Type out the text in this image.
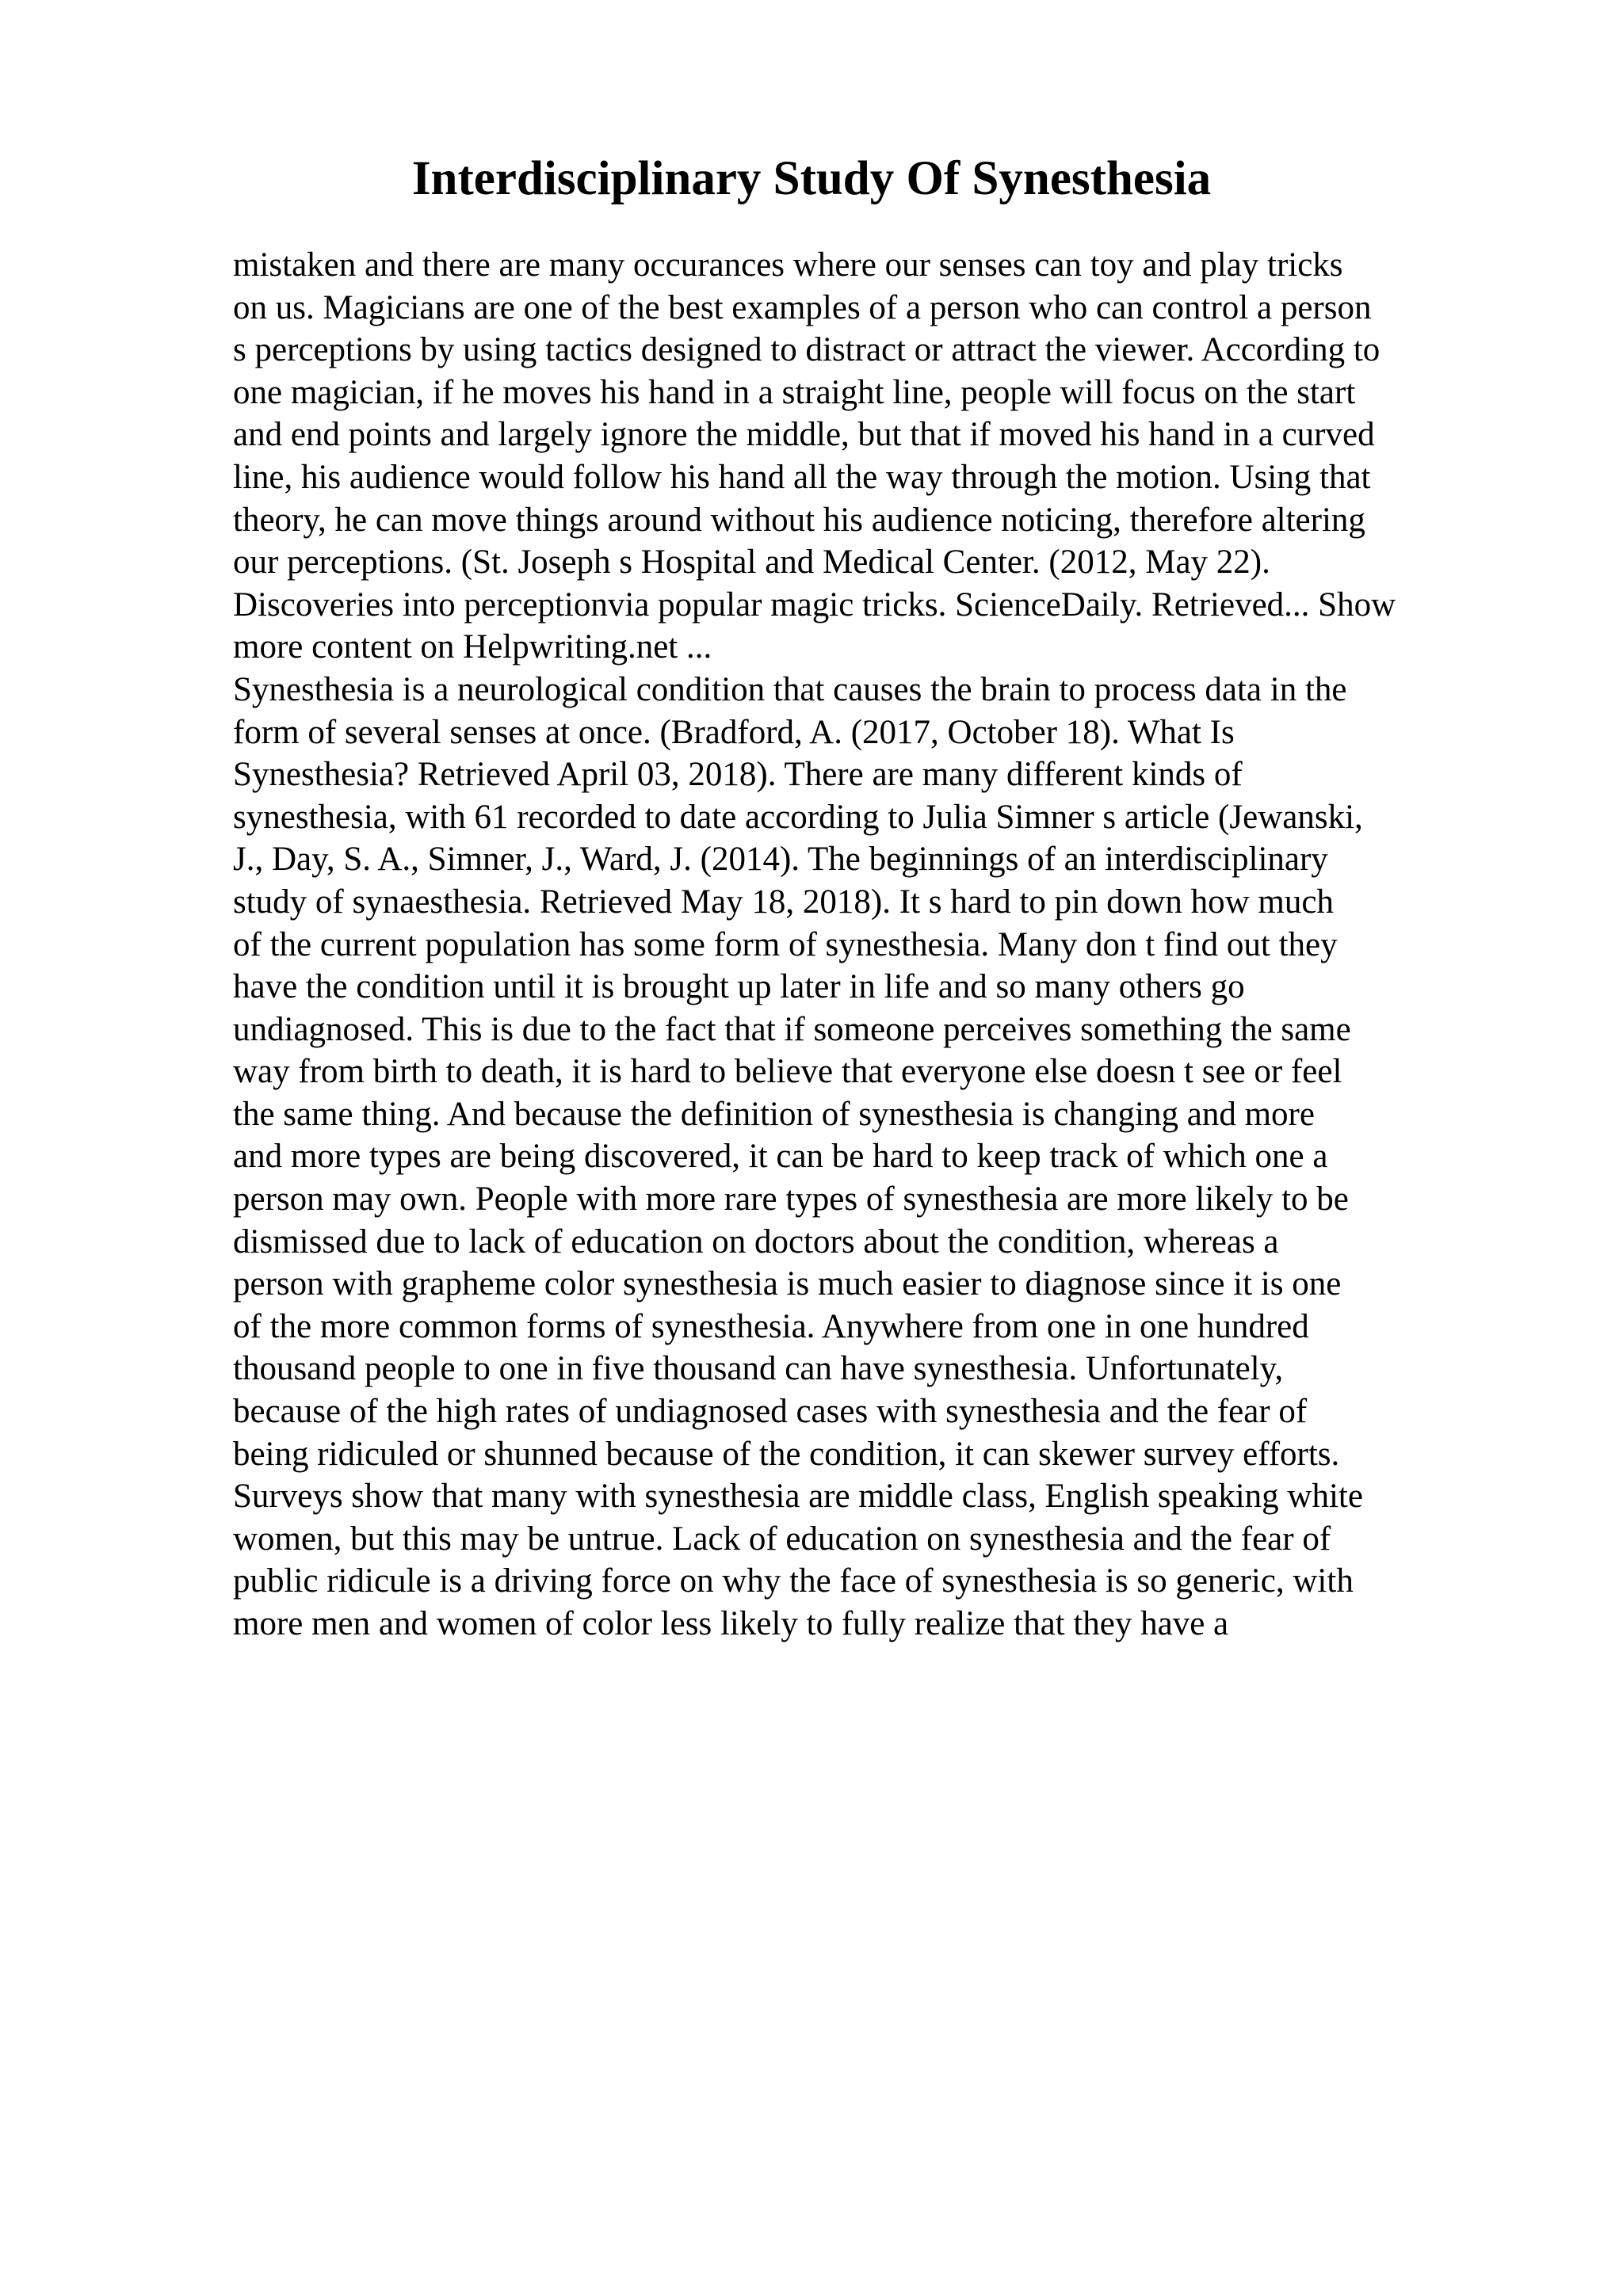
Interdisciplinary Study Of Synesthesia
mistaken and there are many occurances where our senses can toy and play tricks
on us. Magicians are one of the best examples of a person who can control a person
s perceptions by using tactics designed to distract or attract the viewer. According to
one magician, if he moves his hand in a straight line, people will focus on the start
and end points and largely ignore the middle, but that if moved his hand in a curved
line, his audience would follow his hand all the way through the motion. Using that
theory, he can move things around without his audience noticing, therefore altering
our perceptions. (St. Joseph s Hospital and Medical Center. (2012, May 22).
Discoveries into perceptionvia popular magic tricks. ScienceDaily. Retrieved... Show
more content on Helpwriting.net ...
Synesthesia is a neurological condition that causes the brain to process data in the
form of several senses at once. (Bradford, A. (2017, October 18). What Is
Synesthesia? Retrieved April 03, 2018). There are many different kinds of
synesthesia, with 61 recorded to date according to Julia Simner s article (Jewanski,
J., Day, S. A., Simner, J., Ward, J. (2014). The beginnings of an interdisciplinary
study of synaesthesia. Retrieved May 18, 2018). It s hard to pin down how much
of the current population has some form of synesthesia. Many don t find out they
have the condition until it is brought up later in life and so many others go
undiagnosed. This is due to the fact that if someone perceives something the same
way from birth to death, it is hard to believe that everyone else doesn t see or feel
the same thing. And because the definition of synesthesia is changing and more
and more types are being discovered, it can be hard to keep track of which one a
person may own. People with more rare types of synesthesia are more likely to be
dismissed due to lack of education on doctors about the condition, whereas a
person with grapheme color synesthesia is much easier to diagnose since it is one
of the more common forms of synesthesia. Anywhere from one in one hundred
thousand people to one in five thousand can have synesthesia. Unfortunately,
because of the high rates of undiagnosed cases with synesthesia and the fear of
being ridiculed or shunned because of the condition, it can skewer survey efforts.
Surveys show that many with synesthesia are middle class, English speaking white
women, but this may be untrue. Lack of education on synesthesia and the fear of
public ridicule is a driving force on why the face of synesthesia is so generic, with
more men and women of color less likely to fully realize that they have a
